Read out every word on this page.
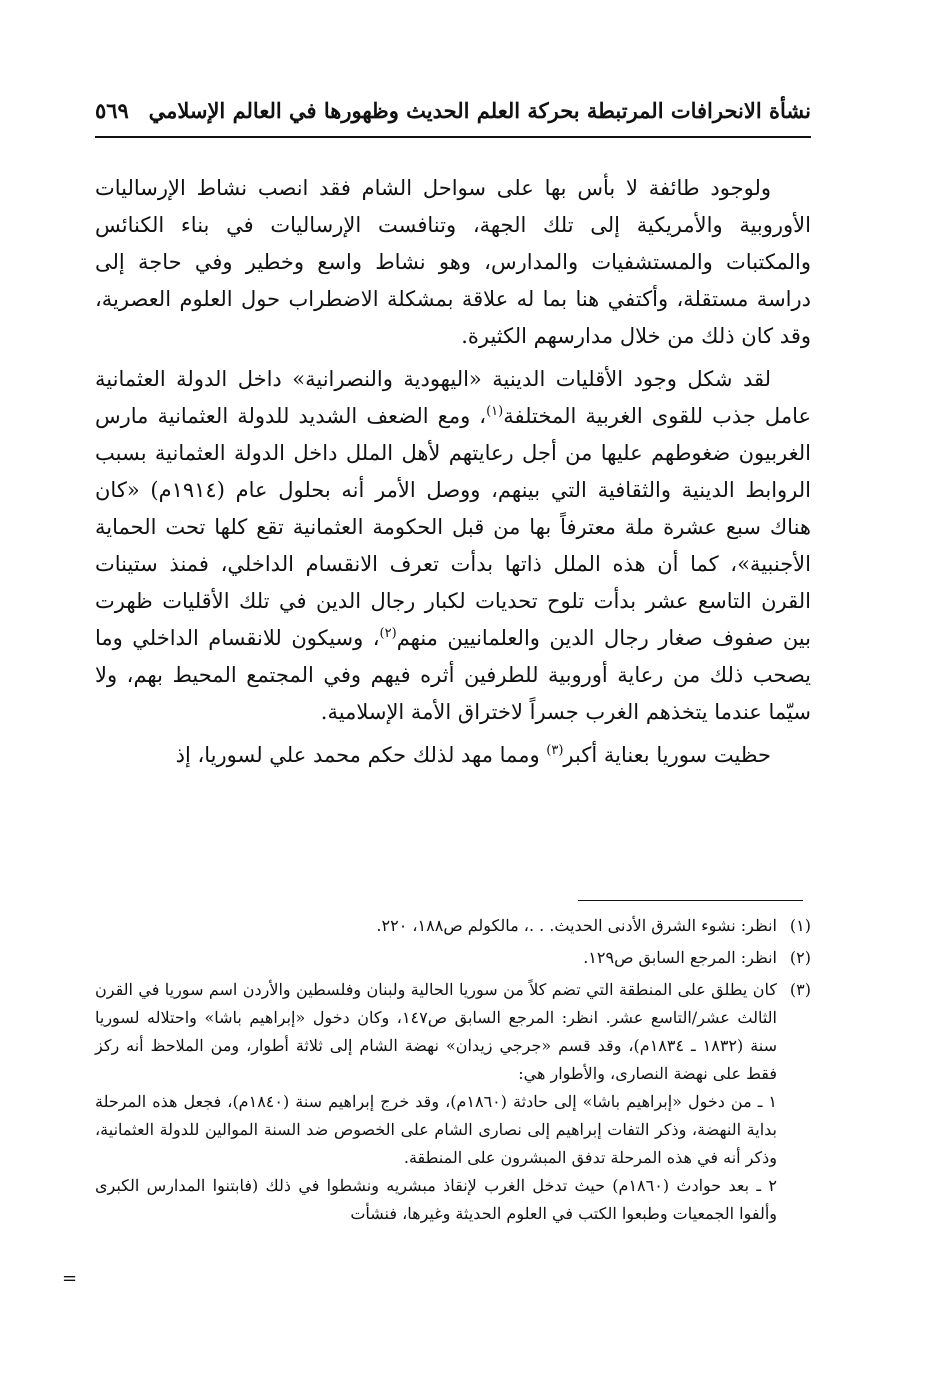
نشأة الانحرافات المرتبطة بحركة العلم الحديث وظهورها في العالم الإسلامي
٥٦٩

ولوجود طائفة لا بأس بها على سواحل الشام فقد انصب نشاط الإرساليات الأوروبية والأمريكية إلى تلك الجهة، وتنافست الإرساليات في بناء الكنائس والمكتبات والمستشفيات والمدارس، وهو نشاط واسع وخطير وفي حاجة إلى دراسة مستقلة، وأكتفي هنا بما له علاقة بمشكلة الاضطراب حول العلوم العصرية، وقد كان ذلك من خلال مدارسهم الكثيرة.

لقد شكل وجود الأقليات الدينية «اليهودية والنصرانية» داخل الدولة العثمانية عامل جذب للقوى الغربية المختلفة$^{(١)}$، ومع الضعف الشديد للدولة العثمانية مارس الغربيون ضغوطهم عليها من أجل رعايتهم لأهل الملل داخل الدولة العثمانية بسبب الروابط الدينية والثقافية التي بينهم، ووصل الأمر أنه بحلول عام (١٩١٤م) «كان هناك سبع عشرة ملة معترفاً بها من قبل الحكومة العثمانية تقع كلها تحت الحماية الأجنبية»، كما أن هذه الملل ذاتها بدأت تعرف الانقسام الداخلي، فمنذ ستينات القرن التاسع عشر بدأت تلوح تحديات لكبار رجال الدين في تلك الأقليات ظهرت بين صفوف صغار رجال الدين والعلمانيين منهم$^{(٢)}$، وسيكون للانقسام الداخلي وما يصحب ذلك من رعاية أوروبية للطرفين أثره فيهم وفي المجتمع المحيط بهم، ولا سيّما عندما يتخذهم الغرب جسراً لاختراق الأمة الإسلامية.

حظيت سوريا بعناية أكبر$^{(٣)}$ ومما مهد لذلك حكم محمد علي لسوريا، إذ

(١)
انظر: نشوء الشرق الأدنى الحديث. . .، مالكولم ص١٨٨، ٢٢٠.
(٢)
انظر: المرجع السابق ص١٢٩.
(٣)
كان يطلق على المنطقة التي تضم كلاً من سوريا الحالية ولبنان وفلسطين والأردن اسم سوريا في القرن الثالث عشر/التاسع عشر. انظر: المرجع السابق ص١٤٧، وكان دخول «إبراهيم باشا» واحتلاله لسوريا سنة (١٨٣٢ ـ ١٨٣٤م)، وقد قسم «جرجي زيدان» نهضة الشام إلى ثلاثة أطوار، ومن الملاحظ أنه ركز فقط على نهضة النصارى، والأطوار هي:
١ ـ من دخول «إبراهيم باشا» إلى حادثة (١٨٦٠م)، وقد خرج إبراهيم سنة (١٨٤٠م)، فجعل هذه المرحلة بداية النهضة، وذكر التفات إبراهيم إلى نصارى الشام على الخصوص ضد السنة الموالين للدولة العثمانية، وذكر أنه في هذه المرحلة تدفق المبشرون على المنطقة.
٢ ـ بعد حوادث (١٨٦٠م) حيث تدخل الغرب لإنقاذ مبشريه ونشطوا في ذلك (فابتنوا المدارس الكبرى وألفوا الجمعيات وطبعوا الكتب في العلوم الحديثة وغيرها، فنشأت
=
